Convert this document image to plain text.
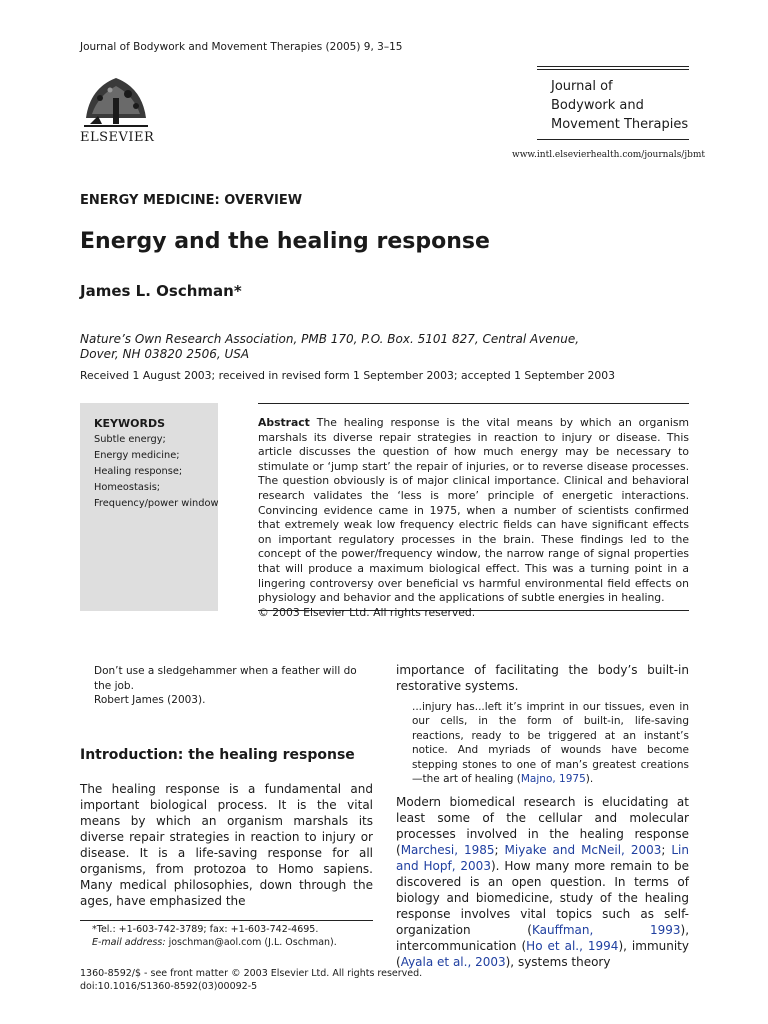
Journal of Bodywork and Movement Therapies (2005) 9, 3–15
ELSEVIER
Journal of
Bodywork and
Movement Therapies
www.intl.elsevierhealth.com/journals/jbmt
ENERGY MEDICINE: OVERVIEW
Energy and the healing response
James L. Oschman*
Nature’s Own Research Association, PMB 170, P.O. Box. 5101 827, Central Avenue, Dover, NH 03820 2506, USA
Received 1 August 2003; received in revised form 1 September 2003; accepted 1 September 2003
KEYWORDS
Subtle energy;
Energy medicine;
Healing response;
Homeostasis;
Frequency/power window
Abstract The healing response is the vital means by which an organism marshals its diverse repair strategies in reaction to injury or disease. This article discusses the question of how much energy may be necessary to stimulate or ‘jump start’ the repair of injuries, or to reverse disease processes. The question obviously is of major clinical importance. Clinical and behavioral research validates the ‘less is more’ principle of energetic interactions. Convincing evidence came in 1975, when a number of scientists confirmed that extremely weak low frequency electric fields can have significant effects on important regulatory processes in the brain. These findings led to the concept of the power/frequency window, the narrow range of signal properties that will produce a maximum biological effect. This was a turning point in a lingering controversy over beneficial vs harmful environmental field effects on physiology and behavior and the applications of subtle energies in healing.
© 2003 Elsevier Ltd. All rights reserved.
Don’t use a sledgehammer when a feather will do the job.
Robert James (2003).
Introduction: the healing response
The healing response is a fundamental and important biological process. It is the vital means by which an organism marshals its diverse repair strategies in reaction to injury or disease. It is a life-saving response for all organisms, from protozoa to Homo sapiens. Many medical philosophies, down through the ages, have emphasized the
*Tel.: +1-603-742-3789; fax: +1-603-742-4695.
E-mail address: joschman@aol.com (J.L. Oschman).
importance of facilitating the body’s built-in restorative systems.
...injury has...left it’s imprint in our tissues, even in our cells, in the form of built-in, life-saving reactions, ready to be triggered at an instant’s notice. And myriads of wounds have become stepping stones to one of man’s greatest creations—the art of healing (Majno, 1975).
Modern biomedical research is elucidating at least some of the cellular and molecular processes involved in the healing response (Marchesi, 1985; Miyake and McNeil, 2003; Lin and Hopf, 2003). How many more remain to be discovered is an open question. In terms of biology and biomedicine, study of the healing response involves vital topics such as self-organization (Kauffman, 1993), intercommunication (Ho et al., 1994), immunity (Ayala et al., 2003), systems theory
1360-8592/$ - see front matter © 2003 Elsevier Ltd. All rights reserved.
doi:10.1016/S1360-8592(03)00092-5
